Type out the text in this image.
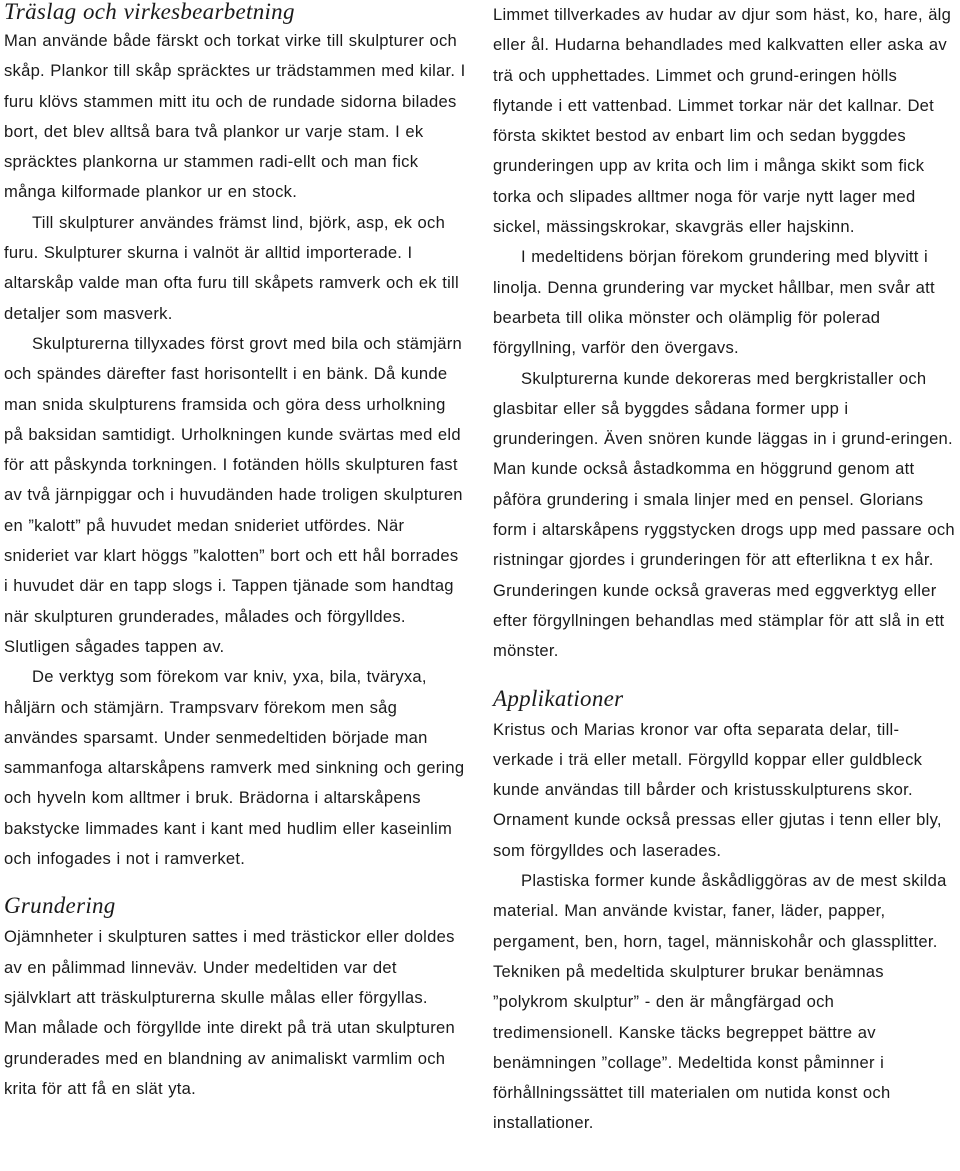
Träslag och virkesbearbetning

Man använde både färskt och torkat virke till skulpturer och skåp. Plankor till skåp spräcktes ur trädstammen med kilar. I furu klövs stammen mitt itu och de rundade sidorna bilades bort, det blev alltså bara två plankor ur varje stam. I ek spräcktes plankorna ur stammen radi-ellt och man fick många kilformade plankor ur en stock.

Till skulpturer användes främst lind, björk, asp, ek och furu. Skulpturer skurna i valnöt är alltid importerade. I altarskåp valde man ofta furu till skåpets ramverk och ek till detaljer som masverk.

Skulpturerna tillyxades först grovt med bila och stämjärn och spändes därefter fast horisontellt i en bänk. Då kunde man snida skulpturens framsida och göra dess urholkning på baksidan samtidigt. Urholkningen kunde svärtas med eld för att påskynda torkningen. I fotänden hölls skulpturen fast av två järnpiggar och i huvudänden hade troligen skulpturen en ”kalott” på huvudet medan snideriet utfördes. När snideriet var klart höggs ”kalotten” bort och ett hål borrades i huvudet där en tapp slogs i. Tappen tjänade som handtag när skulpturen grunderades, målades och förgylldes. Slutligen sågades tappen av.

De verktyg som förekom var kniv, yxa, bila, tväryxa, håljärn och stämjärn. Trampsvarv förekom men såg användes sparsamt. Under senmedeltiden började man sammanfoga altarskåpens ramverk med sinkning och gering och hyveln kom alltmer i bruk. Brädorna i altarskåpens bakstycke limmades kant i kant med hudlim eller kaseinlim och infogades i not i ramverket.

Grundering

Ojämnheter i skulpturen sattes i med trästickor eller doldes av en pålimmad linneväv. Under medeltiden var det självklart att träskulpturerna skulle målas eller förgyllas. Man målade och förgyllde inte direkt på trä utan skulpturen grunderades med en blandning av animaliskt varmlim och krita för att få en slät yta.

Limmet tillverkades av hudar av djur som häst, ko, hare, älg eller ål. Hudarna behandlades med kalkvatten eller aska av trä och upphettades. Limmet och grund-eringen hölls flytande i ett vattenbad. Limmet torkar när det kallnar. Det första skiktet bestod av enbart lim och sedan byggdes grunderingen upp av krita och lim i många skikt som fick torka och slipades alltmer noga för varje nytt lager med sickel, mässingskrokar, skavgräs eller hajskinn.

I medeltidens början förekom grundering med blyvitt i linolja. Denna grundering var mycket hållbar, men svår att bearbeta till olika mönster och olämplig för polerad förgyllning, varför den övergavs.

Skulpturerna kunde dekoreras med bergkristaller och glasbitar eller så byggdes sådana former upp i grunderingen. Även snören kunde läggas in i grund-eringen. Man kunde också åstadkomma en höggrund genom att påföra grundering i smala linjer med en pensel. Glorians form i altarskåpens ryggstycken drogs upp med passare och ristningar gjordes i grunderingen för att efterlikna t ex hår. Grunderingen kunde också graveras med eggverktyg eller efter förgyllningen behandlas med stämplar för att slå in ett mönster.

Applikationer

Kristus och Marias kronor var ofta separata delar, till-verkade i trä eller metall. Förgylld koppar eller guldbleck kunde användas till bårder och kristusskulpturens skor. Ornament kunde också pressas eller gjutas i tenn eller bly, som förgylldes och laserades.

Plastiska former kunde åskådliggöras av de mest skilda material. Man använde kvistar, faner, läder, papper, pergament, ben, horn, tagel, människohår och glassplitter. Tekniken på medeltida skulpturer brukar benämnas ”polykrom skulptur” - den är mångfärgad och tredimensionell. Kanske täcks begreppet bättre av benämningen ”collage”. Medeltida konst påminner i förhållningssättet till materialen om nutida konst och installationer.
